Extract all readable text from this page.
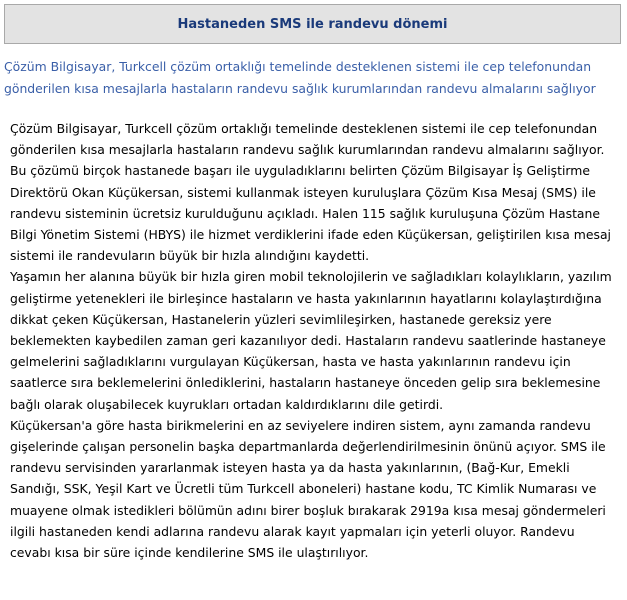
Hastaneden SMS ile randevu dönemi

Çözüm Bilgisayar, Turkcell çözüm ortaklığı temelinde desteklenen sistemi ile cep telefonundan gönderilen kısa mesajlarla hastaların randevu sağlık kurumlarından randevu almalarını sağlıyor

Çözüm Bilgisayar, Turkcell çözüm ortaklığı temelinde desteklenen sistemi ile cep telefonundan gönderilen kısa mesajlarla hastaların randevu sağlık kurumlarından randevu almalarını sağlıyor. Bu çözümü birçok hastanede başarı ile uyguladıklarını belirten Çözüm Bilgisayar İş Geliştirme Direktörü Okan Küçükersan, sistemi kullanmak isteyen kuruluşlara Çözüm Kısa Mesaj (SMS) ile randevu sisteminin ücretsiz kurulduğunu açıkladı. Halen 115 sağlık kuruluşuna Çözüm Hastane Bilgi Yönetim Sistemi (HBYS) ile hizmet verdiklerini ifade eden Küçükersan, geliştirilen kısa mesaj sistemi ile randevuların büyük bir hızla alındığını kaydetti.

Yaşamın her alanına büyük bir hızla giren mobil teknolojilerin ve sağladıkları kolaylıkların, yazılım geliştirme yetenekleri ile birleşince hastaların ve hasta yakınlarının hayatlarını kolaylaştırdığına dikkat çeken Küçükersan, Hastanelerin yüzleri sevimlileşirken, hastanede gereksiz yere beklemekten kaybedilen zaman geri kazanılıyor dedi. Hastaların randevu saatlerinde hastaneye gelmelerini sağladıklarını vurgulayan Küçükersan, hasta ve hasta yakınlarının randevu için saatlerce sıra beklemelerini önlediklerini, hastaların hastaneye önceden gelip sıra beklemesine bağlı olarak oluşabilecek kuyrukları ortadan kaldırdıklarını dile getirdi.

Küçükersan'a göre hasta birikmelerini en az seviyelere indiren sistem, aynı zamanda randevu gişelerinde çalışan personelin başka departmanlarda değerlendirilmesinin önünü açıyor. SMS ile randevu servisinden yararlanmak isteyen hasta ya da hasta yakınlarının, (Bağ-Kur, Emekli Sandığı, SSK, Yeşil Kart ve Ücretli tüm Turkcell aboneleri) hastane kodu, TC Kimlik Numarası ve muayene olmak istedikleri bölümün adını birer boşluk bırakarak 2919a kısa mesaj göndermeleri ilgili hastaneden kendi adlarına randevu alarak kayıt yapmaları için yeterli oluyor. Randevu cevabı kısa bir süre içinde kendilerine SMS ile ulaştırılıyor.
